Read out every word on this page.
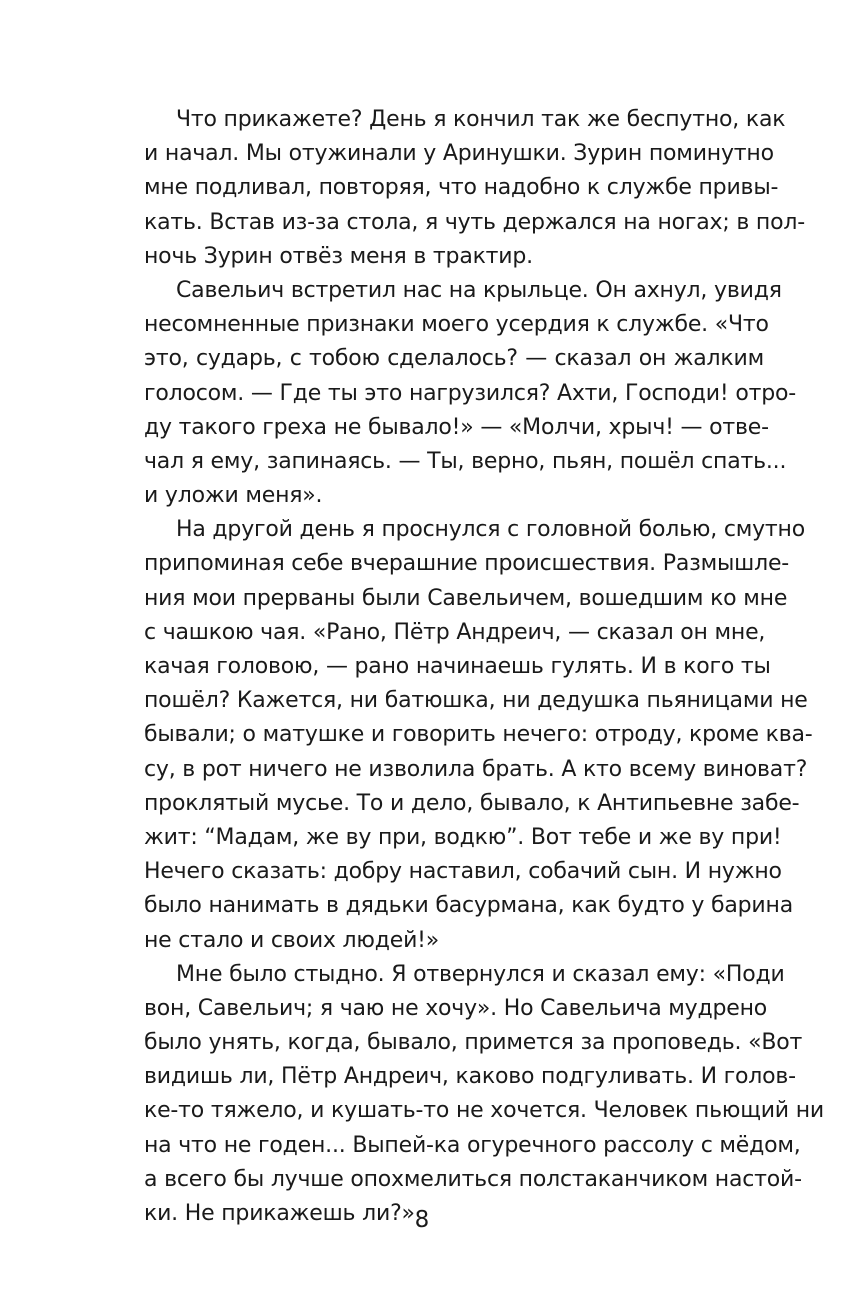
Что прикажете? День я кончил так же беспутно, как
и начал. Мы отужинали у Аринушки. Зурин поминутно
мне подливал, повторяя, что надобно к службе привы-
кать. Встав из-за стола, я чуть держался на ногах; в пол-
ночь Зурин отвёз меня в трактир.
Савельич встретил нас на крыльце. Он ахнул, увидя
несомненные признаки моего усердия к службе. «Что
это, сударь, с тобою сделалось? — сказал он жалким
голосом. — Где ты это нагрузился? Ахти, Господи! отро-
ду такого греха не бывало!» — «Молчи, хрыч! — отве-
чал я ему, запинаясь. — Ты, верно, пьян, пошёл спать...
и уложи меня».
На другой день я проснулся с головной болью, смутно
припоминая себе вчерашние происшествия. Размышле-
ния мои прерваны были Савельичем, вошедшим ко мне
с чашкою чая. «Рано, Пётр Андреич, — сказал он мне,
качая головою, — рано начинаешь гулять. И в кого ты
пошёл? Кажется, ни батюшка, ни дедушка пьяницами не
бывали; о матушке и говорить нечего: отроду, кроме ква-
су, в рот ничего не изволила брать. А кто всему виноват?
проклятый мусье. То и дело, бывало, к Антипьевне забе-
жит: “Мадам, же ву при, водкю”. Вот тебе и же ву при!
Нечего сказать: добру наставил, собачий сын. И нужно
было нанимать в дядьки басурмана, как будто у барина
не стало и своих людей!»
Мне было стыдно. Я отвернулся и сказал ему: «Поди
вон, Савельич; я чаю не хочу». Но Савельича мудрено
было унять, когда, бывало, примется за проповедь. «Вот
видишь ли, Пётр Андреич, каково подгуливать. И голов-
ке-то тяжело, и кушать-то не хочется. Человек пьющий ни
на что не годен... Выпей-ка огуречного рассолу с мёдом,
а всего бы лучше опохмелиться полстаканчиком настой-
ки. Не прикажешь ли?» 8
